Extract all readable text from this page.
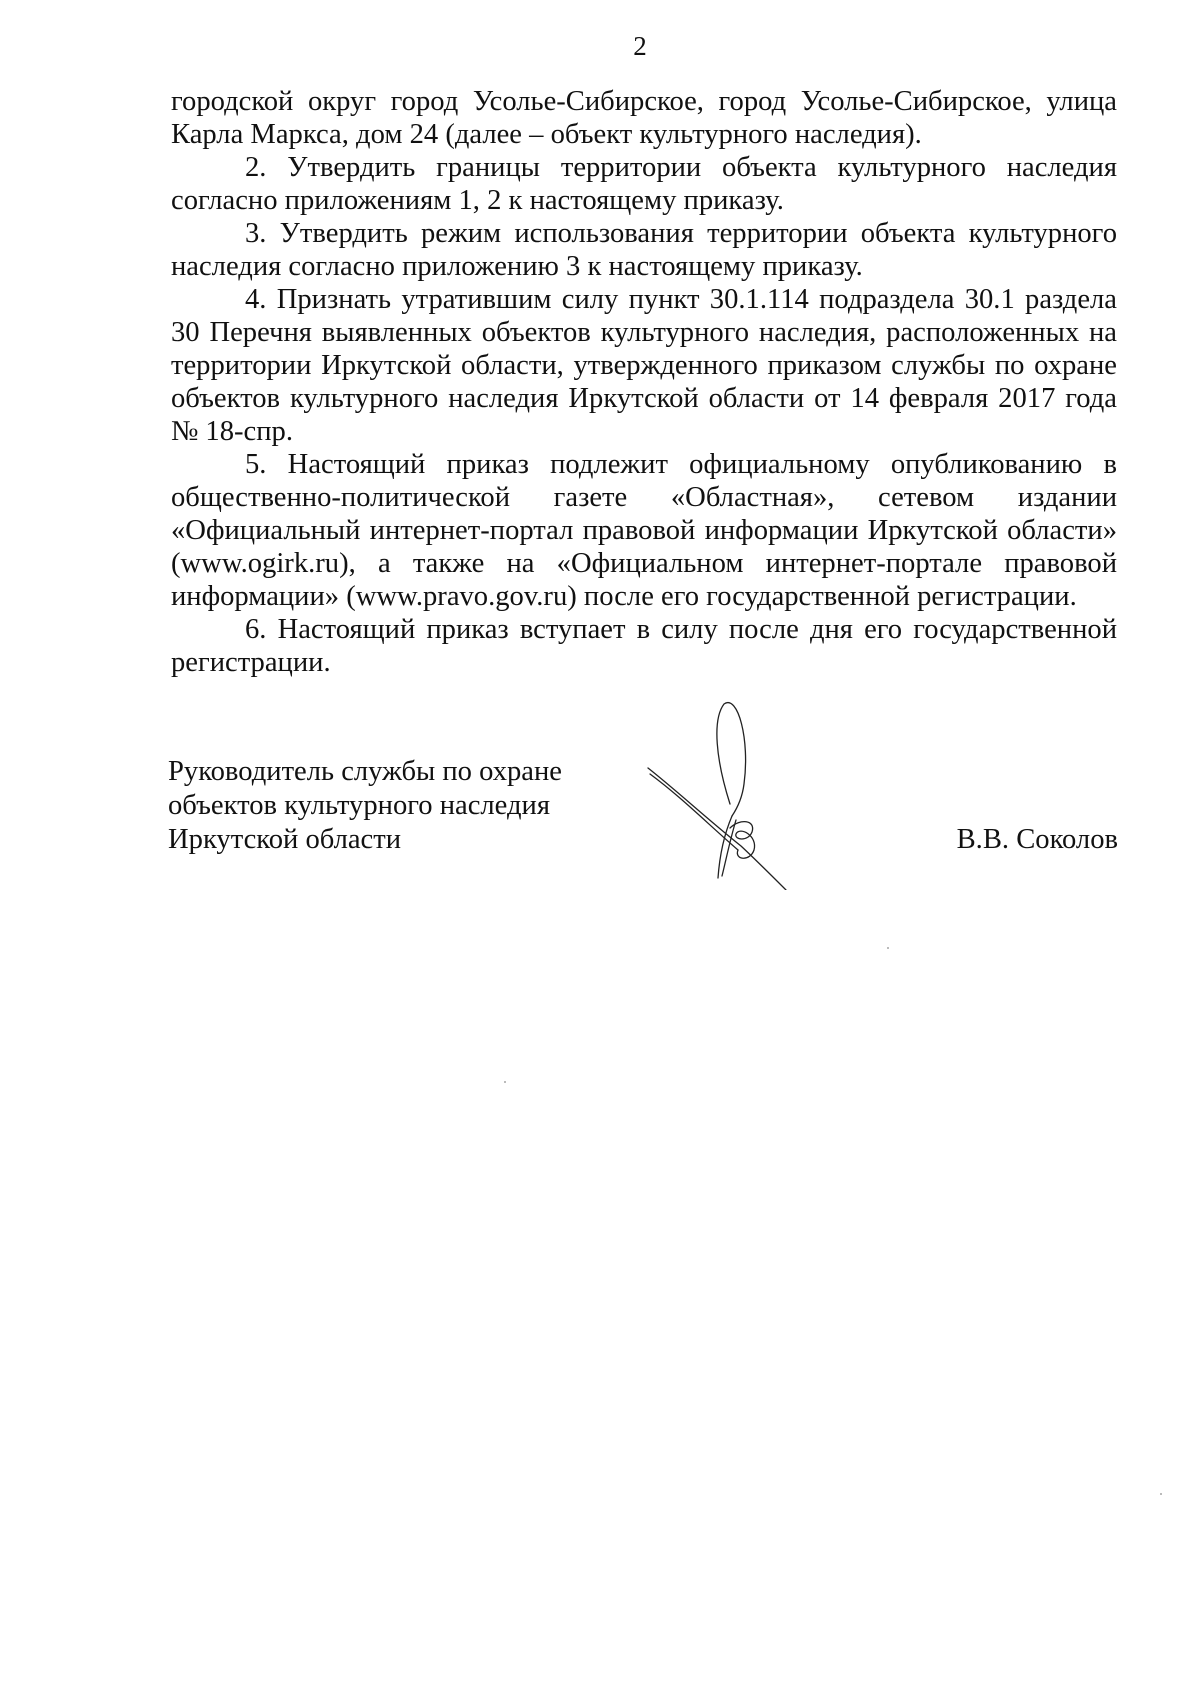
2

городской округ город Усолье-Сибирское, город Усолье-Сибирское, улица Карла Маркса, дом 24 (далее – объект культурного наследия).

2. Утвердить границы территории объекта культурного наследия согласно приложениям 1, 2 к настоящему приказу.

3. Утвердить режим использования территории объекта культурного наследия согласно приложению 3 к настоящему приказу.

4. Признать утратившим силу пункт 30.1.114 подраздела 30.1 раздела 30 Перечня выявленных объектов культурного наследия, расположенных на территории Иркутской области, утвержденного приказом службы по охране объектов культурного наследия Иркутской области от 14 февраля 2017 года № 18-спр.

5. Настоящий приказ подлежит официальному опубликованию в общественно-политической газете «Областная», сетевом издании «Официальный интернет-портал правовой информации Иркутской области» (www.ogirk.ru), а также на «Официальном интернет-портале правовой информации» (www.pravo.gov.ru) после его государственной регистрации.

6. Настоящий приказ вступает в силу после дня его государственной регистрации.

Руководитель службы по охране
объектов культурного наследия
Иркутской области	В.В. Соколов
